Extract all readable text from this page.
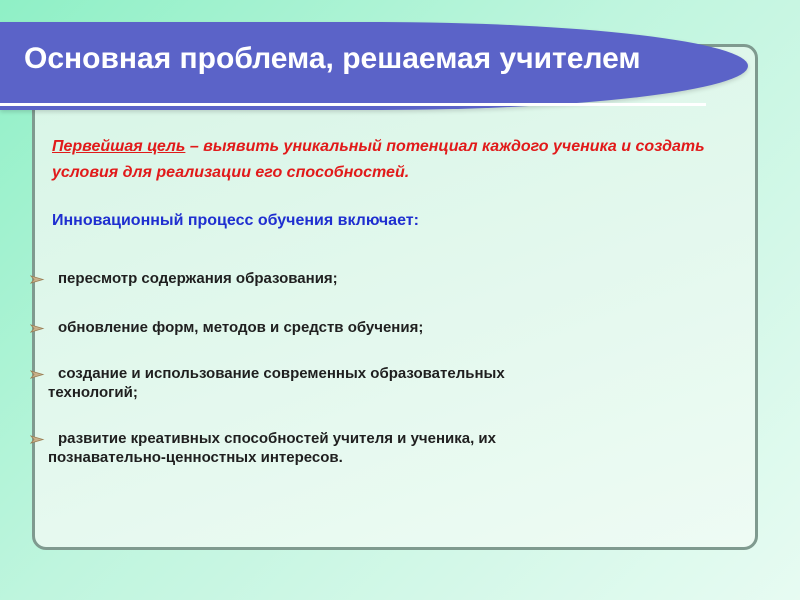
Основная проблема, решаемая учителем

Первейшая цель – выявить уникальный потенциал каждого ученика и создать условия для реализации его способностей.

Инновационный процесс обучения включает:

пересмотр содержания образования;
обновление форм, методов и средств обучения;
создание и использование современных образовательных
технологий;
развитие креативных способностей учителя и ученика, их
познавательно-ценностных интересов.
